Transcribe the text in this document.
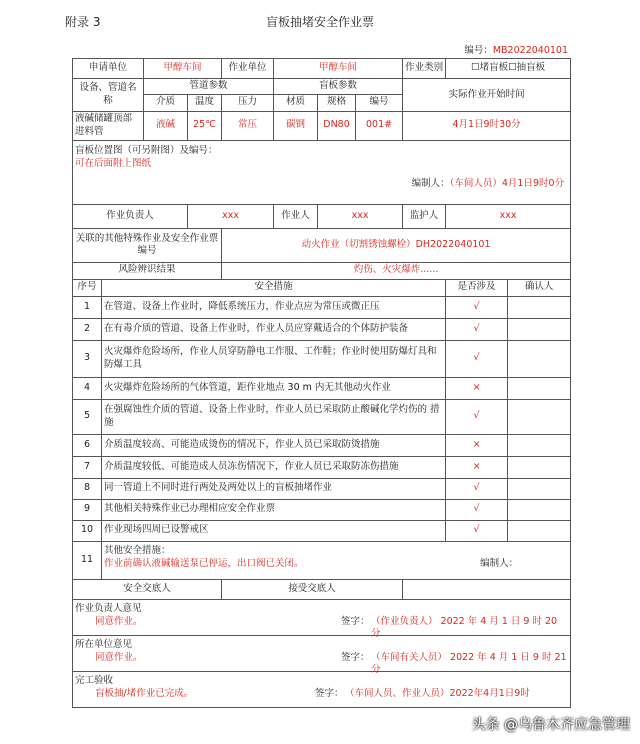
附录 3	盲板抽堵安全作业票
编号：MB2022040101
申请单位		甲醇车间		作业单位	甲醇车间			作业类别	☐堵盲板☐抽盲板	
设备、管道名称		管道参数			盲板参数			实际作业开始时间		
		介质	温度	压力	材质	规格	编号			
液碱储罐顶部进料管		液碱	25℃	常压	碳钢	DN80	001#	4月1日9时30分		

盲板位置图（可另附图）及编号：
可在后面附上图纸
编制人：（车间人员）4月1日9时0分										

作业负责人			xxx		作业人	xxx		监护人	xxx	
关联的其他特殊作业及安全作业票编号				动火作业（切割锈蚀螺栓）DH2022040101						
风险辨识结果				灼伤、火灾爆炸......						
序号	安全措施								是否涉及	确认人
1	在管道、设备上作业时，降低系统压力，作业点应为常压或微正压								√	
2	在有毒介质的管道、设备上作业时，作业人员应穿戴适合的个体防护装备								√	
3	火灾爆炸危险场所，作业人员穿防静电工作服、工作鞋；作业时使用防爆灯具和防爆工具								√	
4	火灾爆炸危险场所的气体管道，距作业地点 30 m 内无其他动火作业								×	
5	在强腐蚀性介质的管道、设备上作业时，作业人员已采取防止酸碱化学灼伤的 措施								√	
6	介质温度较高、可能造成烫伤的情况下，作业人员已采取防烫措施								×	
7	介质温度较低、可能造成人员冻伤情况下，作业人员已采取防冻伤措施								×	
8	同一管道上不同时进行两处及两处以上的盲板抽堵作业								√	
9	其他相关特殊作业已办理相应安全作业票								√	
10	作业现场四周已设警戒区								√	
11	其他安全措施：
作业前确认液碱输送泵已停运，出口阀已关闭。 编制人：									

安全交底人				接受交底人						

作业负责人意见
同意作业。 签字： （作业负责人） 2022 年 4 月 1 日 9 时 20 分										

所在单位意见
同意作业。 签字： （车间有关人员） 2022 年 4 月 1 日 9 时 21 分										

完工验收
盲板抽/堵作业已完成。 签字： （车间人员、作业人员）2022年4月1日9时										
头条 @乌鲁木齐应急管理
